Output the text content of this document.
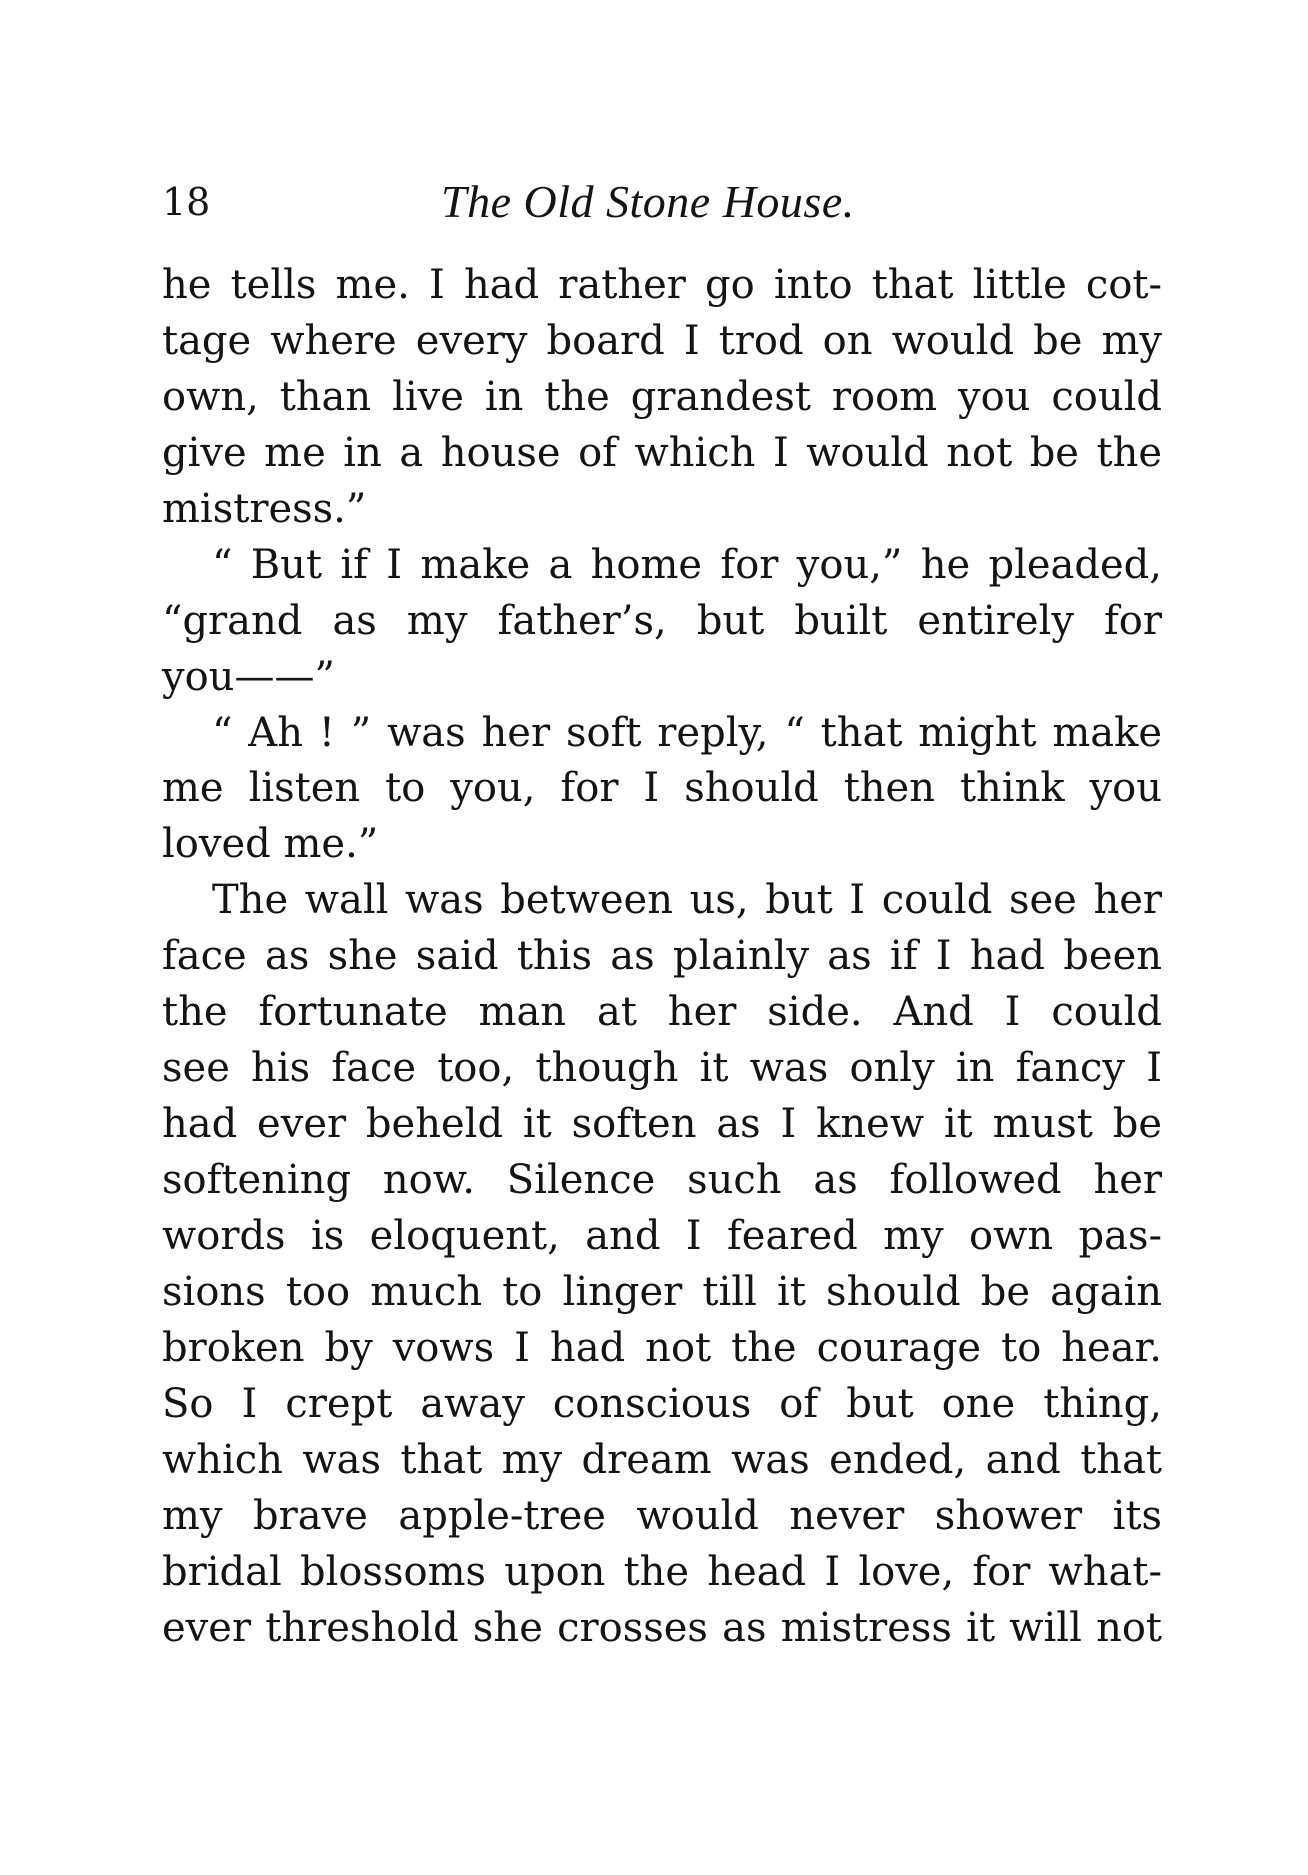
18	The Old Stone House.
he tells me. I had rather go into that little cot-
tage where every board I trod on would be my
own, than live in the grandest room you could
give me in a house of which I would not be the
mistress.”
“ But if I make a home for you,” he pleaded,
“grand as my father’s, but built entirely for
you——”
“ Ah ! ” was her soft reply, “ that might make
me listen to you, for I should then think you
loved me.”
The wall was between us, but I could see her
face as she said this as plainly as if I had been
the fortunate man at her side. And I could
see his face too, though it was only in fancy I
had ever beheld it soften as I knew it must be
softening now. Silence such as followed her
words is eloquent, and I feared my own pas-
sions too much to linger till it should be again
broken by vows I had not the courage to hear.
So I crept away conscious of but one thing,
which was that my dream was ended, and that
my brave apple-tree would never shower its
bridal blossoms upon the head I love, for what-
ever threshold she crosses as mistress it will not
